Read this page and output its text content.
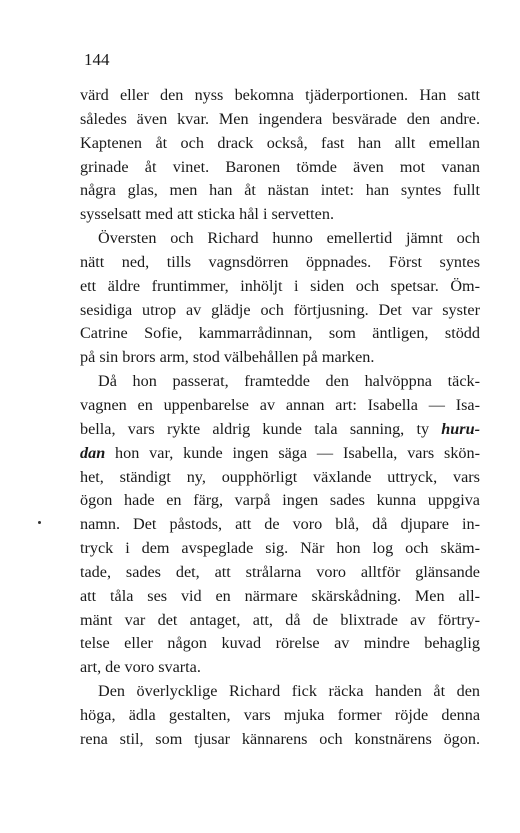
144
värd eller den nyss bekomna tjäderportionen. Han satt
således även kvar. Men ingendera besvärade den andre.
Kaptenen åt och drack också, fast han allt emellan
grinade åt vinet. Baronen tömde även mot vanan
några glas, men han åt nästan intet: han syntes fullt
sysselsatt med att sticka hål i servetten.
Översten och Richard hunno emellertid jämnt och
nätt ned, tills vagnsdörren öppnades. Först syntes
ett äldre fruntimmer, inhöljt i siden och spetsar. Öm-
sesidiga utrop av glädje och förtjusning. Det var syster
Catrine Sofie, kammarrådinnan, som äntligen, stödd
på sin brors arm, stod välbehållen på marken.
Då hon passerat, framtedde den halvöppna täck-
vagnen en uppenbarelse av annan art: Isabella — Isa-
bella, vars rykte aldrig kunde tala sanning, ty huru-
dan hon var, kunde ingen säga — Isabella, vars skön-
het, ständigt ny, oupphörligt växlande uttryck, vars
ögon hade en färg, varpå ingen sades kunna uppgiva
namn. Det påstods, att de voro blå, då djupare in-
tryck i dem avspeglade sig. När hon log och skäm-
tade, sades det, att strålarna voro alltför glänsande
att tåla ses vid en närmare skärskådning. Men all-
mänt var det antaget, att, då de blixtrade av förtry-
telse eller någon kuvad rörelse av mindre behaglig
art, de voro svarta.
Den överlycklige Richard fick räcka handen åt den
höga, ädla gestalten, vars mjuka former röjde denna
rena stil, som tjusar kännarens och konstnärens ögon.
